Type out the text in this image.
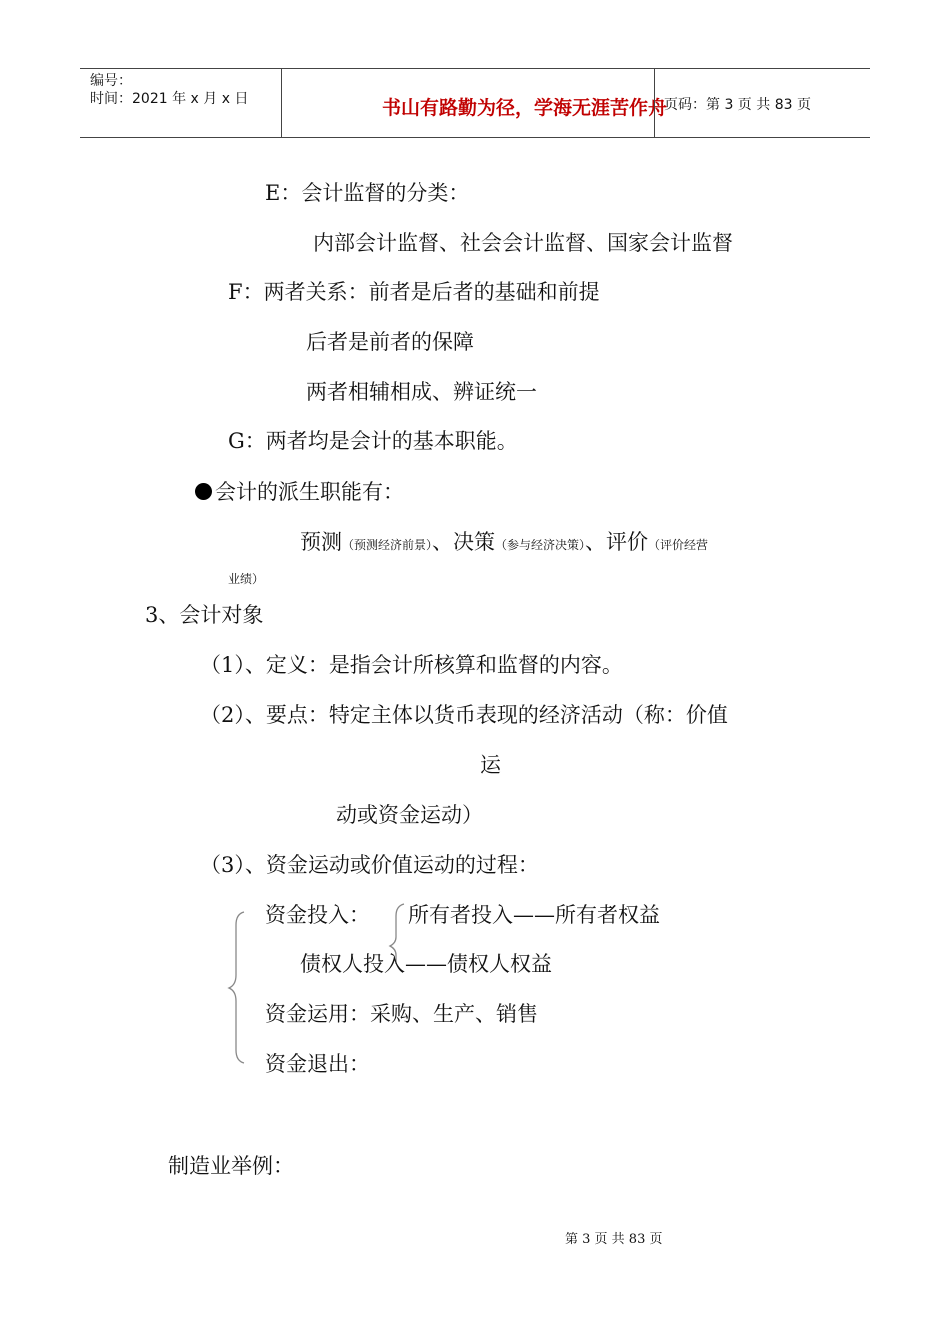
编号：
时间：2021 年 x 月 x 日	书山有路勤为径，学海无涯苦作舟
页码：第 3 页 共 83 页
E：会计监督的分类：
内部会计监督、社会会计监督、国家会计监督
F：两者关系：前者是后者的基础和前提
后者是前者的保障
两者相辅相成、辨证统一
G：两者均是会计的基本职能。
会计的派生职能有：
预测（预测经济前景）、决策（参与经济决策）、评价（评价经营
业绩）
3、会计对象
（1）、定义：是指会计所核算和监督的内容。
（2）、要点：特定主体以货币表现的经济活动（称：价值
运
动或资金运动）
（3）、资金运动或价值运动的过程：
资金投入： 所有者投入——所有者权益
债权人投入——债权人权益
资金运用：采购、生产、销售
资金退出：
制造业举例：
第 3 页 共 83 页
